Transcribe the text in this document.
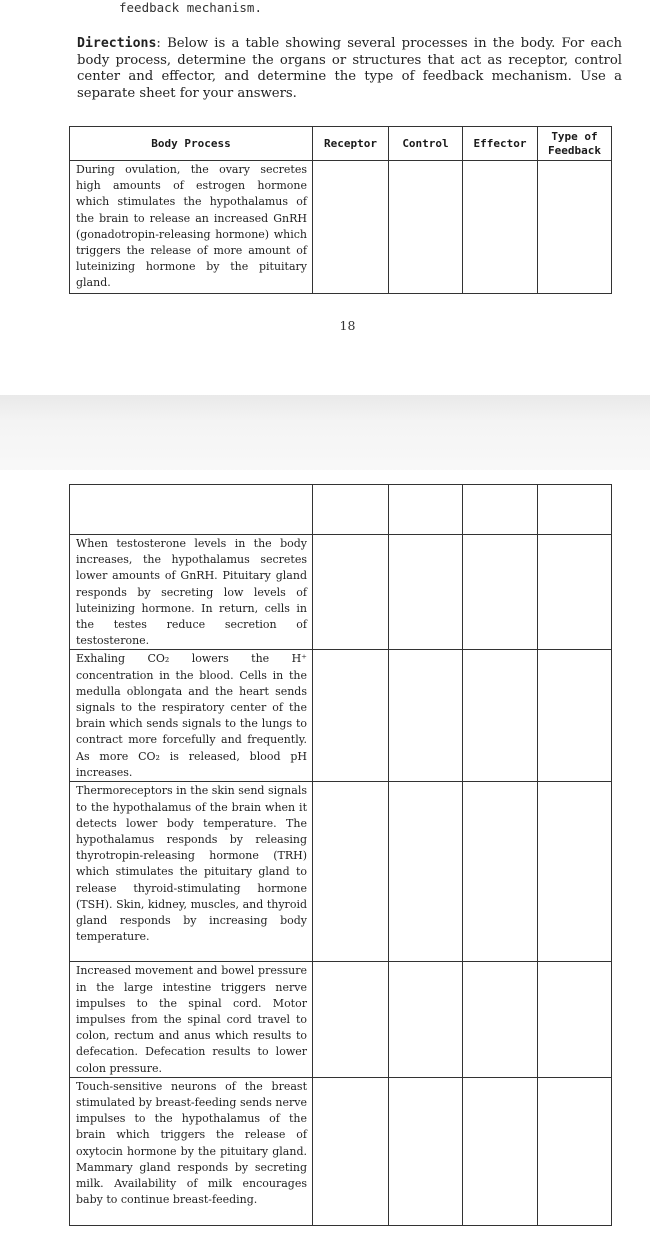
feedback mechanism.
Directions: Below is a table showing several processes in the body. For each body process, determine the organs or structures that act as receptor, control center and effector, and determine the type of feedback mechanism. Use a separate sheet for your answers.
Body Process	Receptor	Control	Effector	Type of Feedback
During ovulation, the ovary secretes high amounts of estrogen hormone which stimulates the hypothalamus of the brain to release an increased GnRH (gonadotropin-releasing hormone) which triggers the release of more amount of luteinizing hormone by the pituitary gland.				
18

When testosterone levels in the body increases, the hypothalamus secretes lower amounts of GnRH. Pituitary gland responds by secreting low levels of luteinizing hormone. In return, cells in the testes reduce secretion of testosterone.				
Exhaling CO₂ lowers the H⁺ concentration in the blood. Cells in the medulla oblongata and the heart sends signals to the respiratory center of the brain which sends signals to the lungs to contract more forcefully and frequently. As more CO₂ is released, blood pH increases.				
Thermoreceptors in the skin send signals to the hypothalamus of the brain when it detects lower body temperature. The hypothalamus responds by releasing thyrotropin-releasing hormone (TRH) which stimulates the pituitary gland to release thyroid-stimulating hormone (TSH). Skin, kidney, muscles, and thyroid gland responds by increasing body temperature.				
Increased movement and bowel pressure in the large intestine triggers nerve impulses to the spinal cord. Motor impulses from the spinal cord travel to colon, rectum and anus which results to defecation. Defecation results to lower colon pressure.				
Touch-sensitive neurons of the breast stimulated by breast-feeding sends nerve impulses to the hypothalamus of the brain which triggers the release of oxytocin hormone by the pituitary gland. Mammary gland responds by secreting milk. Availability of milk encourages baby to continue breast-feeding.				
